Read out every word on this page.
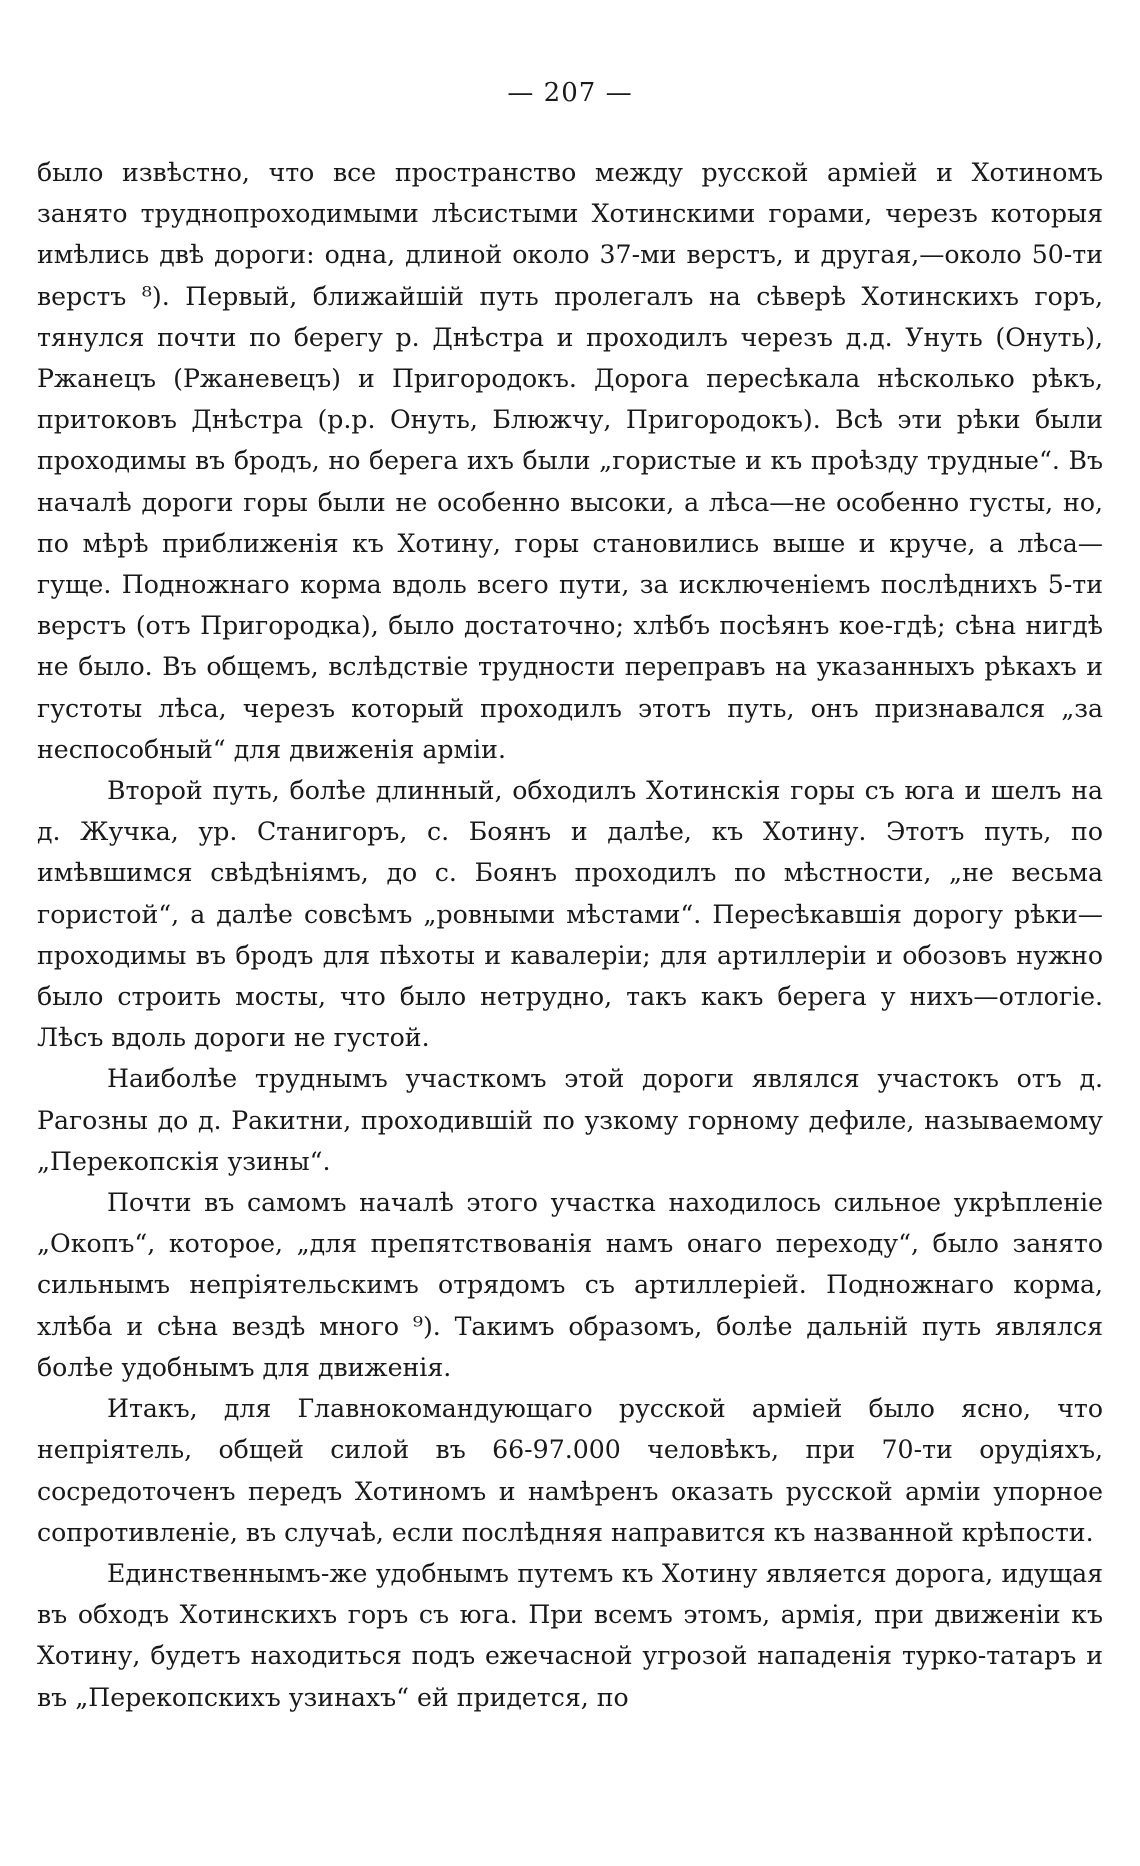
— 207 —

было извѣстно, что все пространство между русской арміей и Хотиномъ занято труднопроходимыми лѣсистыми Хотинскими горами, черезъ которыя имѣлись двѣ дороги: одна, длиной около 37-ми верстъ, и другая,—около 50-ти верстъ ⁸). Первый, ближайшій путь пролегалъ на сѣверѣ Хотинскихъ горъ, тянулся почти по берегу р. Днѣстра и проходилъ черезъ д.д. Унуть (Онуть), Ржанецъ (Ржаневецъ) и Пригородокъ. Дорога пересѣкала нѣсколько рѣкъ, притоковъ Днѣстра (р.р. Онуть, Блюжчу, Пригородокъ). Всѣ эти рѣки были проходимы въ бродъ, но берега ихъ были „гористые и къ проѣзду трудные“. Въ началѣ дороги горы были не особенно высоки, а лѣса—не особенно густы, но, по мѣрѣ приближенія къ Хотину, горы становились выше и круче, а лѣса—гуще. Подножнаго корма вдоль всего пути, за исключеніемъ послѣднихъ 5-ти верстъ (отъ Пригородка), было достаточно; хлѣбъ посѣянъ кое-гдѣ; сѣна нигдѣ не было. Въ общемъ, вслѣдствіе трудности переправъ на указанныхъ рѣкахъ и густоты лѣса, черезъ который проходилъ этотъ путь, онъ признавался „за неспособный“ для движенія арміи.

Второй путь, болѣе длинный, обходилъ Хотинскія горы съ юга и шелъ на д. Жучка, ур. Станигоръ, с. Боянъ и далѣе, къ Хотину. Этотъ путь, по имѣвшимся свѣдѣніямъ, до с. Боянъ проходилъ по мѣстности, „не весьма гористой“, а далѣе совсѣмъ „ровными мѣстами“. Пересѣкавшія дорогу рѣки—проходимы въ бродъ для пѣхоты и кавалеріи; для артиллеріи и обозовъ нужно было строить мосты, что было нетрудно, такъ какъ берега у нихъ—отлогіе. Лѣсъ вдоль дороги не густой.

Наиболѣе труднымъ участкомъ этой дороги являлся участокъ отъ д. Рагозны до д. Ракитни, проходившій по узкому горному дефиле, называемому „Перекопскія узины“.

Почти въ самомъ началѣ этого участка находилось сильное укрѣпленіе „Окопъ“, которое, „для препятствованія намъ онаго переходу“, было занято сильнымъ непріятельскимъ отрядомъ съ артиллеріей. Подножнаго корма, хлѣба и сѣна вездѣ много ⁹). Такимъ образомъ, болѣе дальній путь являлся болѣе удобнымъ для движенія.

Итакъ, для Главнокомандующаго русской арміей было ясно, что непріятель, общей силой въ 66-97.000 человѣкъ, при 70-ти орудіяхъ, сосредоточенъ передъ Хотиномъ и намѣренъ оказать русской арміи упорное сопротивленіе, въ случаѣ, если послѣдняя направится къ названной крѣпости.

Единственнымъ-же удобнымъ путемъ къ Хотину является дорога, идущая въ обходъ Хотинскихъ горъ съ юга. При всемъ этомъ, армія, при движеніи къ Хотину, будетъ находиться подъ ежечасной угрозой нападенія турко-татаръ и въ „Перекопскихъ узинахъ“ ей придется, по
